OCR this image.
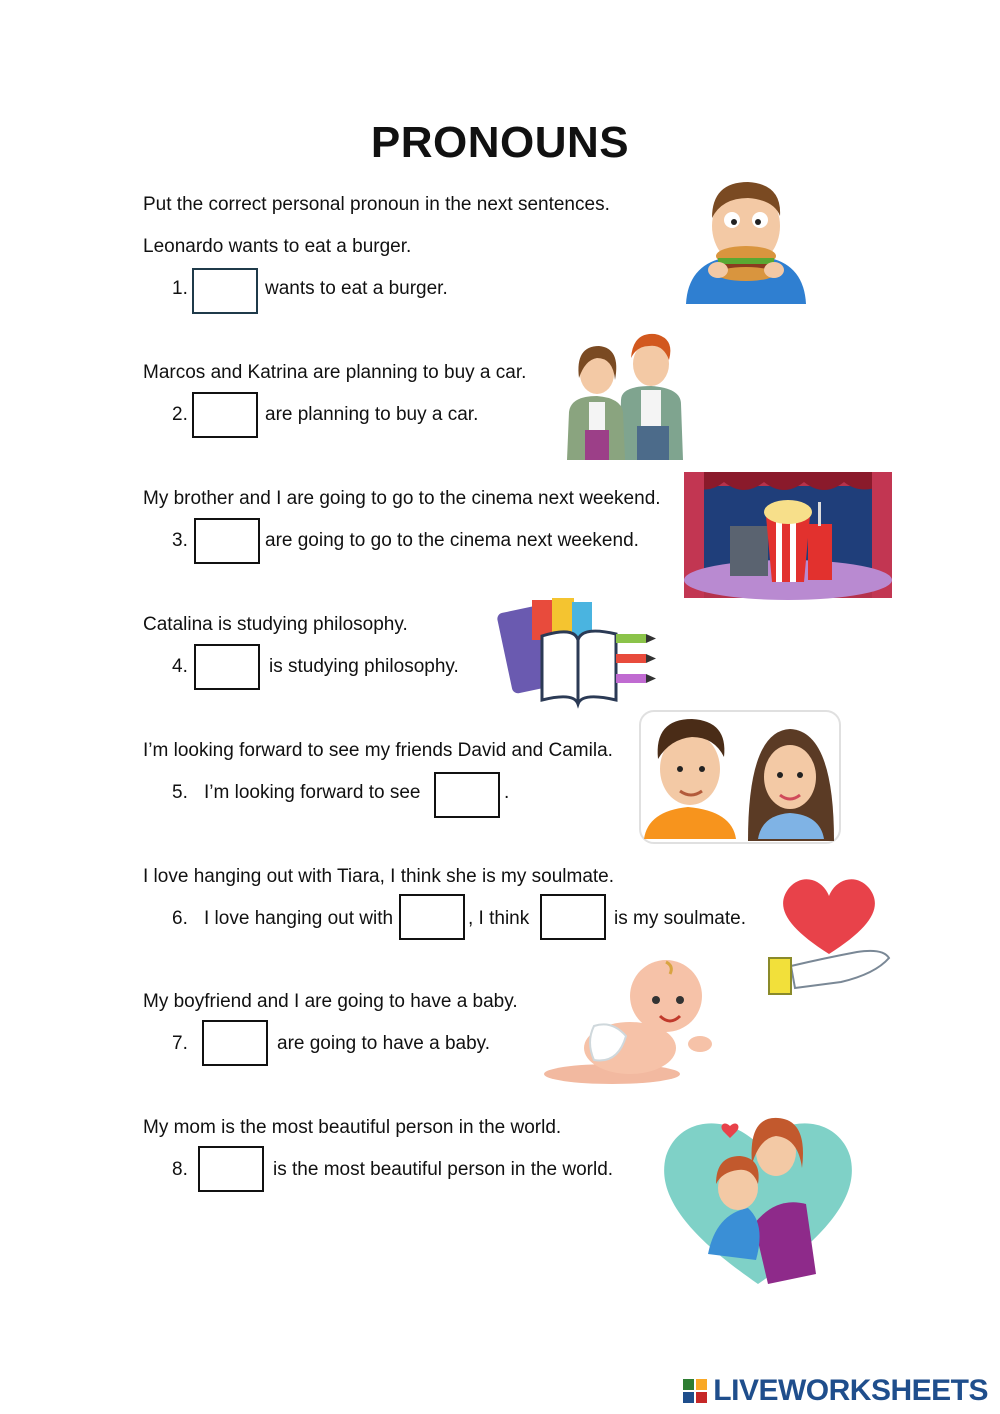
PRONOUNS
Put the correct personal pronoun in the next sentences.
Leonardo wants to eat a burger.
1.	wants to eat a burger.
Marcos and Katrina are planning to buy a car.
2.	are planning to buy a car.
My brother and I are going to go to the cinema next weekend.
3.	are going to go to the cinema next weekend.
Catalina is studying philosophy.
4.	is studying philosophy.
I’m looking forward to see my friends David and Camila.
5. I’m looking forward to see	.
I love hanging out with Tiara, I think she is my soulmate.
6. I love hanging out with	, I think	is my soulmate.
My boyfriend and I are going to have a baby.
7.	are going to have a baby.
My mom is the most beautiful person in the world.
8.	is the most beautiful person in the world.
LIVEWORKSHEETS
